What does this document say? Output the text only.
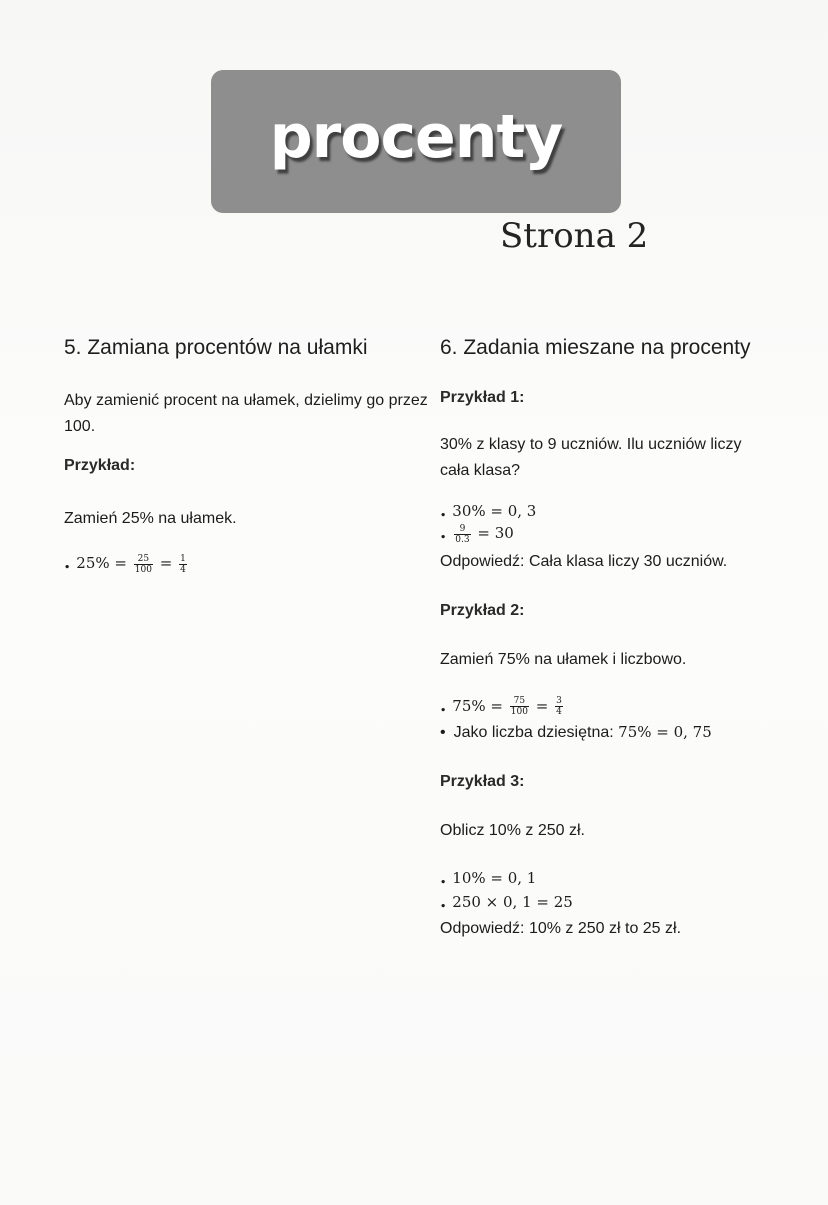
procenty
Strona 2
5. Zamiana procentów na ułamki

Aby zamienić procent na ułamek, dzielimy go przez 100.

Przykład:

Zamień 25% na ułamek.

. $25\% = \frac{25}{100} = \frac{1}{4}$

6. Zadania mieszane na procenty

Przykład 1:

30% z klasy to 9 uczniów. Ilu uczniów liczy cała klasa?

. 30% = 0, 3

. $\frac{9}{0.3} = 30$

Odpowiedź: Cała klasa liczy 30 uczniów.

Przykład 2:

Zamień 75% na ułamek i liczbowo.

. $75\% = \frac{75}{100} = \frac{3}{4}$

• Jako liczba dziesiętna: 75% = 0, 75

Przykład 3:

Oblicz 10% z 250 zł.

. 10% = 0, 1

. 250 × 0, 1 = 25

Odpowiedź: 10% z 250 zł to 25 zł.
